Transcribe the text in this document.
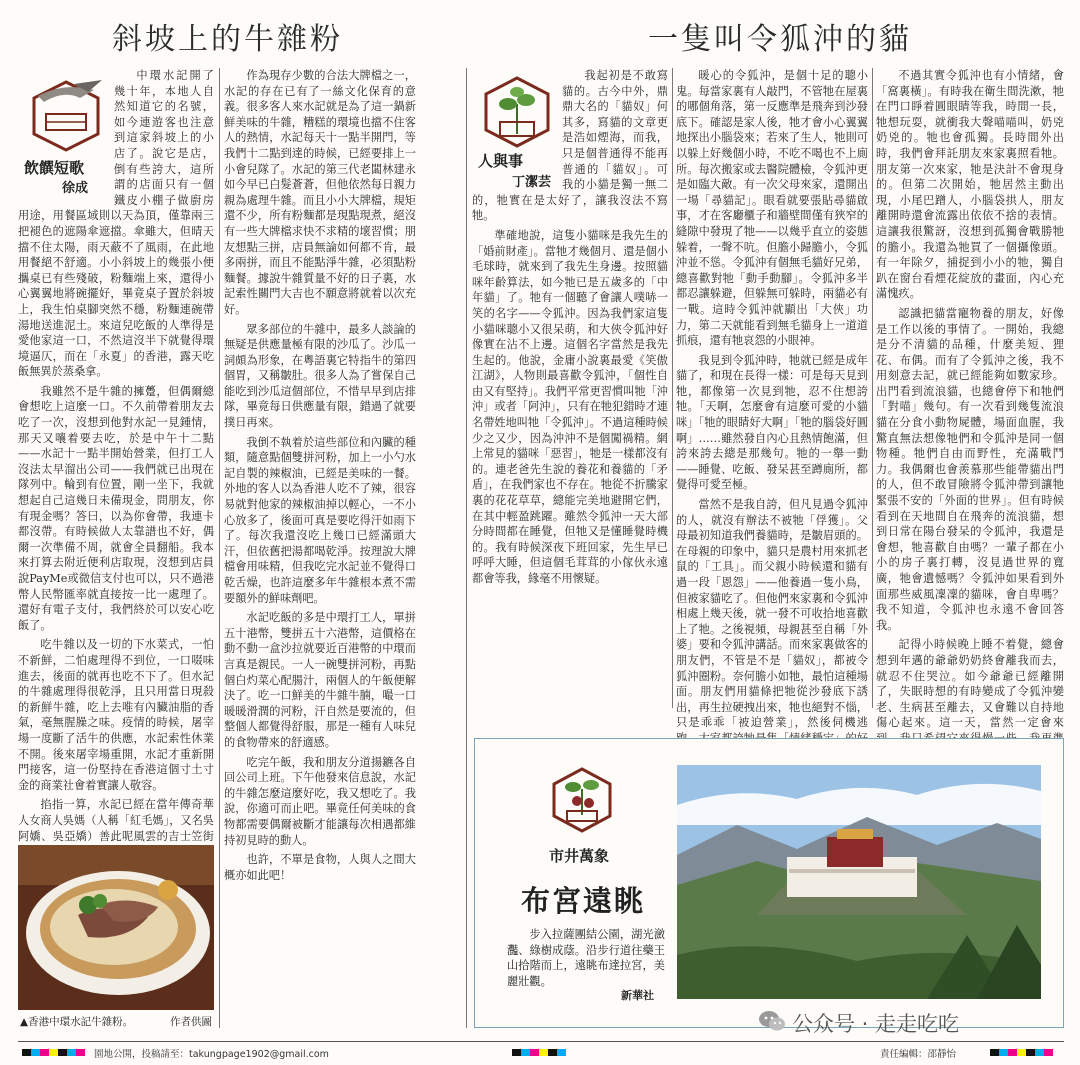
斜坡上的牛雜粉	一隻叫令狐沖的貓
飲饌短歌
徐成

中環水記開了幾十年，本地人自然知道它的名號，如今連遊客也注意到這家斜坡上的小店了。說它是店，倒有些誇大，這所謂的店面只有一個鐵皮小棚子做廚房用途，用餐區域則以天為頂，僅靠兩三把褪色的遮陽傘遮擋。傘雖大，但晴天擋不住太陽，雨天蔽不了風雨，在此地用餐絕不舒適。小小斜坡上的幾張小便攜桌已有些殘破，粉麵端上來，還得小心翼翼地將碗擺好，畢竟桌子置於斜坡上，我生怕桌腳突然不穩，粉麵連碗帶湯地送進泥土。來這兒吃飯的人準得是愛他家這一口，不然這沒半下就覺得環境逼仄，而在「永夏」的香港，露天吃飯無異於蒸桑拿。

我雖然不是牛雜的擁躉，但偶爾總會想吃上這麼一口。不久前帶着朋友去吃了一次，沒想到他對水記一見鍾情，那天又嚷着要去吃，於是中午十二點——水記十一點半開始營業，但打工人沒法太早溜出公司——我們就已出現在隊列中。輪到有位置，剛一坐下，我就想起自己這幾日未備現金，問朋友，你有現金嗎？答曰，以為你會帶，我連卡都沒帶。有時候做人太靠譜也不好，偶爾一次準備不周，就會全員翻船。我本來打算去附近便利店取現，沒想到店員說PayMe或微信支付也可以，只不過港幣人民幣匯率就直接按一比一處理了。還好有電子支付，我們終於可以安心吃飯了。

吃牛雜以及一切的下水菜式，一怕不新鮮，二怕處理得不到位，一口啜味進去，後面的就再也吃不下了。但水記的牛雜處理得很乾淨，且只用當日現殺的新鮮牛雜，吃上去唯有內臟油脂的香氣，毫無腥臊之味。疫情的時候，屠宰場一度斷了活牛的供應，水記索性休業不開。後來屠宰場重開，水記才重新開門接客，這一份堅持在香港這個寸土寸金的商業社會着實讓人敬容。

掐指一算，水記已經在當年傳奇華人女商人吳媽（人稱「紅毛媽」，又名吳阿嬌、吳亞嬌）善此呢風雲的吉士笠街

作為現存少數的合法大牌檔之一，水記的存在已有了一絲文化保育的意義。很多客人來水記就是為了這一鍋新鮮美味的牛雜，糟糕的環境也擋不住客人的熱情，水記每天十一點半開門，等我們十二點到達的時候，已經要排上一小會兒隊了。水記的第三代老闆林建永如今早已白髮蒼蒼，但他依然每日親力親為處理牛雜。而且小小大牌檔，規矩還不少，所有粉麵都是現點現煮，絕沒有一些大牌檔求快不求精的壞習慣；朋友想點三拼，店員無論如何都不肯，最多兩拼，而且不能點淨牛雜，必須點粉麵餐。據說牛雜質量不好的日子裏，水記索性關門大吉也不願意將就着以次充好。

眾多部位的牛雜中，最多人談論的無疑是供應量極有限的沙瓜了。沙瓜一詞頗為形象，在粵語裏它特指牛的第四個胃，又稱皺肚。很多人為了嘗保自己能吃到沙瓜這個部位，不惜早早到店排隊，畢竟每日供應量有限，錯過了就要撲日再來。

我倒不執着於這些部位和內臟的種類，隨意點個雙拼河粉，加上一小勺水記自製的辣椒油，已經是美味的一餐。外地的客人以為香港人吃不了辣，很容易就對他家的辣椒油掉以輕心，一不小心放多了，後面可真是要吃得汗如雨下了。每次我還沒吃上幾口已經滿頭大汗，但依舊把湯都喝乾淨。按理說大牌檔會用味精，但我吃完水記並不覺得口乾舌燥，也許這麼多年牛雜根本煮不需要額外的鮮味劑吧。

水記吃飯的多是中環打工人，單拼五十港幣，雙拼五十六港幣，這價格在動不動一盒沙拉就要近百港幣的中環而言真是親民。一人一碗雙拼河粉，再點個白灼菜心配腸汁，兩個人的午飯便解決了。吃一口鮮美的牛雜牛腩，嘬一口暖暖滑潤的河粉，汗自然是要流的，但整個人都覺得舒服，那是一種有人味兒的食物帶來的舒適感。

吃完午飯，我和朋友分道揚鑣各自回公司上班。下午他發來信息說，水記的牛雜怎麼這麼好吃，我又想吃了。我說，你適可而止吧。畢竟任何美味的食物都需要偶爾被斷才能讓每次相遇都維持初見時的動人。

也許，不單是食物，人與人之間大概亦如此吧！

▲香港中環水記牛雜粉。	作者供圖
人與事
丁潔芸

我起初是不敢寫貓的。古今中外，鼎鼎大名的「貓奴」何其多，寫貓的文章更是浩如煙海，而我，只是個普通得不能再普通的「貓奴」。可我的小貓是獨一無二的，牠實在是太好了，讓我沒法不寫牠。

準確地說，這隻小貓咪是我先生的「婚前財產」。當牠才幾個月、還是個小毛球時，就來到了我先生身邊。按照貓咪年齡算法，如今牠已是五歲多的「中年貓」了。牠有一個聽了會讓人噗哧一笑的名字——令狐沖。因為我們家這隻小貓咪聰小又很呆萌，和大俠令狐沖好像實在沾不上邊。這個名字當然是我先生起的。他說，金庸小說裏最愛《笑傲江湖》，人物則最喜歡令狐沖，「個性自由又有堅持」。我們平常更習慣叫牠「沖沖」或者「阿沖」，只有在牠犯錯時才連名帶姓地叫牠「令狐沖」。不過這種時候少之又少，因為沖沖不是個闖禍精。網上常見的貓咪「惡習」，牠是一樣都沒有的。連老爸先生說的養花和養貓的「矛盾」，在我們家也不存在。牠從不折騰家裏的花花草草，總能完美地避開它們，在其中輕盈跳躍。雖然令狐沖一天大部分時間都在睡覺，但牠又是懂睡覺時機的。我有時候深夜下班回家，先生早已呼呼大睡，但這個毛茸茸的小傢伙永遠都會等我，緣毫不用懷疑。

暖心的令狐沖，是個十足的聰小鬼。每當家裏有人敲門，不管牠在屋裏的哪個角落，第一反應準是飛奔到沙發底下。確認是家人後，牠才會小心翼翼地探出小腦袋來；若來了生人，牠則可以躲上好幾個小時，不吃不喝也不上廁所。每次搬家或去醫院體檢，令狐沖更是如臨大敵。有一次父母來家，還開出一場「尋貓記」。眼看就要張貼尋貓啟事，才在客廳櫃子和牆壁間僅有狹窄的縫隙中發現了牠——以幾乎直立的姿態躲着，一聲不吭。但膽小歸膽小，令狐沖並不慫。令狐沖有個無毛貓好兄弟，總喜歡對牠「動手動腳」。令狐沖多半都忍讓躲避，但躲無可躲時，兩貓必有一戰。這時令狐沖就顯出「大俠」功力，第二天就能看到無毛貓身上一道道抓痕，還有牠哀怨的小眼神。

我見到令狐沖時，牠就已經是成年貓了，和現在長得一樣：可是每天見到牠，都像第一次見到牠，忍不住想誇牠。「天啊，怎麼會有這麼可愛的小貓咪」「牠的眼睛好大啊」「牠的腦袋好圓啊」……雖然發自內心且熱情飽滿，但誇來誇去總是那幾句。牠的一舉一動——睡覺、吃飯、發呆甚至蹲廁所，都覺得可愛至極。

當然不是我自誇，但凡見過令狐沖的人，就沒有辦法不被牠「俘獲」。父母最初知道我們養貓時，是皺眉頭的。在母親的印象中，貓只是農村用來抓老鼠的「工具」。而父親小時候還和貓有過一段「恩怨」——他養過一隻小鳥，但被家貓吃了。但他們來家裏和令狐沖相處上幾天後，就一發不可收拾地喜歡上了牠。之後視頻，母親甚至自稱「外婆」要和令狐沖講話。而來家裏做客的朋友們，不管是不是「貓奴」，都被令狐沖圈粉。奈何膽小如牠，最怕這種場面。朋友們用貓條把牠從沙發底下誘出，再生拉硬拽出來，牠也絕對不惱，只是乖乖「被迫營業」，然後伺機逃

不過其實令狐沖也有小情緒，會「窩裏橫」。有時我在衛生間洗漱，牠在門口睜着圓眼睛等我，時間一長，牠想玩耍，就衝我大聲喵喵叫，奶兇奶兇的。牠也會孤獨。長時間外出時，我們會拜託朋友來家裏照看牠。朋友第一次來家，牠是決計不會現身的。但第二次開始，牠居然主動出現，小尾巴蹭人，小腦袋拱人，朋友離開時還會流露出依依不捨的表情。這讓我很驚訝，沒想到孤獨會戰勝牠的膽小。我還為牠買了一個攝像頭。有一年除夕，捕捉到小小的牠，獨自趴在窗台看煙花綻放的畫面，內心充滿愧疚。

認識把貓當寵物養的朋友，好像是工作以後的事情了。一開始，我總是分不清貓的品種，什麼美短、狸花、布偶。而有了令狐沖之後，我不用刻意去記，就已經能夠如數家珍。出門看到流浪貓，也總會停下和牠們「對喵」幾句。有一次看到幾隻流浪貓在分食小動物屍體，場面血腥，我驚直無法想像牠們和令狐沖是同一個物種。牠們自由而野性，充滿戰鬥力。我偶爾也會羨慕那些能帶貓出門的人，但不敢冒險將令狐沖帶到讓牠緊張不安的「外面的世界」。但有時候看到在天地間自在飛奔的流浪貓，想到日常在陽台發呆的令狐沖，我還是會想，牠喜歡自由嗎？一輩子都在小小的房子裏打轉，沒見過世界的寬廣，牠會遺憾嗎？令狐沖如果看到外面那些威風凜凜的貓咪，會自卑嗎？我不知道，令狐沖也永遠不會回答我。

記得小時候晚上睡不着覺，總會想到年邁的爺爺奶奶終會離我而去，就忍不住哭泣。如今爺爺已經離開了，失眠時想的有時變成了令狐沖變老、生病甚至離去，又會難以自持地傷心起來。這一天，當然一定會來

市井萬象
布宮遠眺
步入拉薩團結公園，湖光瀲灩、綠樹成蔭。沿步行道往藥王山拾階而上，遠眺布達拉宮，美麗壯觀。
新華社
園地公開，投稿請至：takungpage1902@gmail.com	責任編輯：邵靜怡
公众号 · 走走吃吃
